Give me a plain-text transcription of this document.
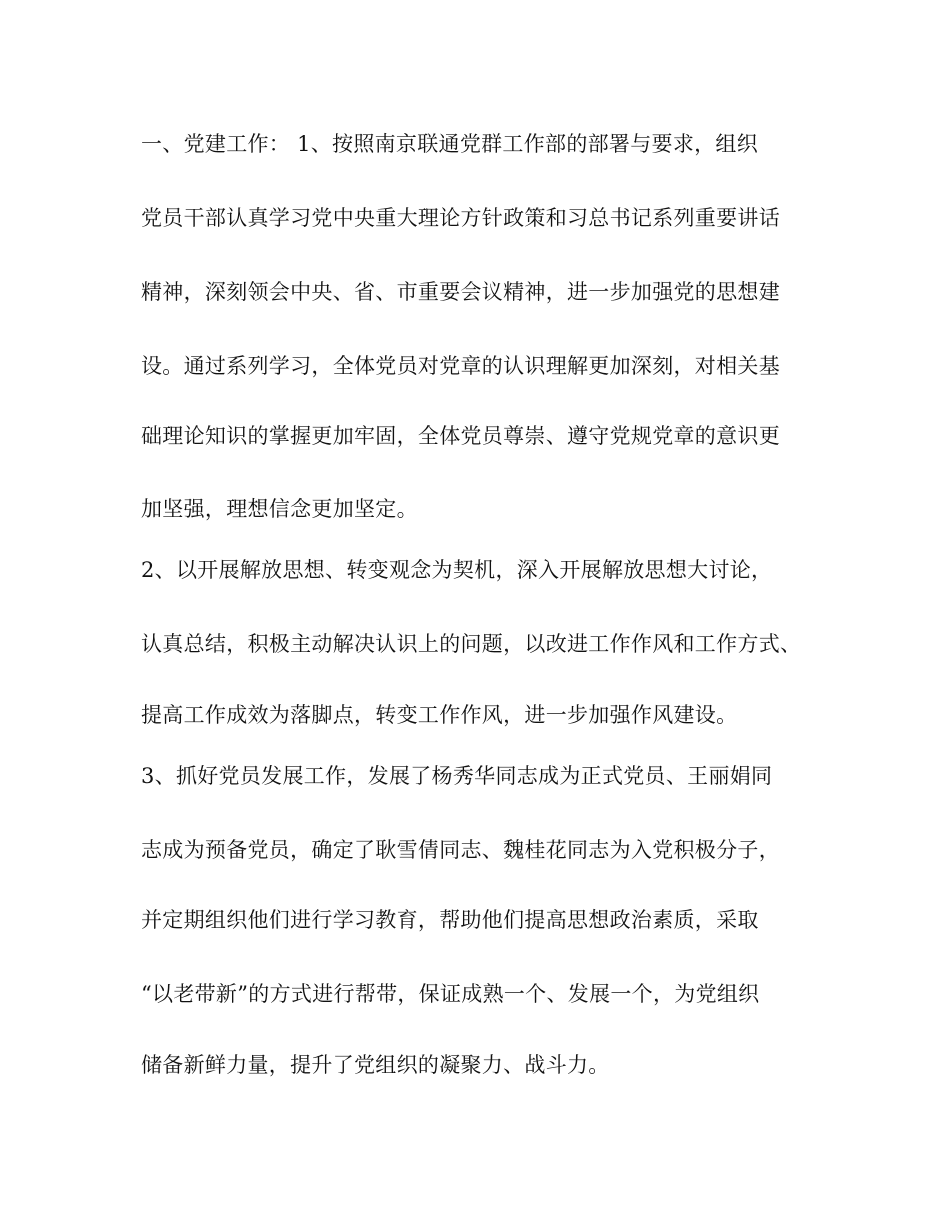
一、党建工作： 1、按照南京联通党群工作部的部署与要求，组织

党员干部认真学习党中央重大理论方针政策和习总书记系列重要讲话

精神，深刻领会中央、省、市重要会议精神，进一步加强党的思想建

设。通过系列学习，全体党员对党章的认识理解更加深刻，对相关基

础理论知识的掌握更加牢固，全体党员尊崇、遵守党规党章的意识更

加坚强，理想信念更加坚定。

2、以开展解放思想、转变观念为契机，深入开展解放思想大讨论，

认真总结，积极主动解决认识上的问题，以改进工作作风和工作方式、

提高工作成效为落脚点，转变工作作风，进一步加强作风建设。

3、抓好党员发展工作，发展了杨秀华同志成为正式党员、王丽娟同

志成为预备党员，确定了耿雪倩同志、魏桂花同志为入党积极分子，

并定期组织他们进行学习教育，帮助他们提高思想政治素质，采取

“以老带新”的方式进行帮带，保证成熟一个、发展一个，为党组织

储备新鲜力量，提升了党组织的凝聚力、战斗力。
